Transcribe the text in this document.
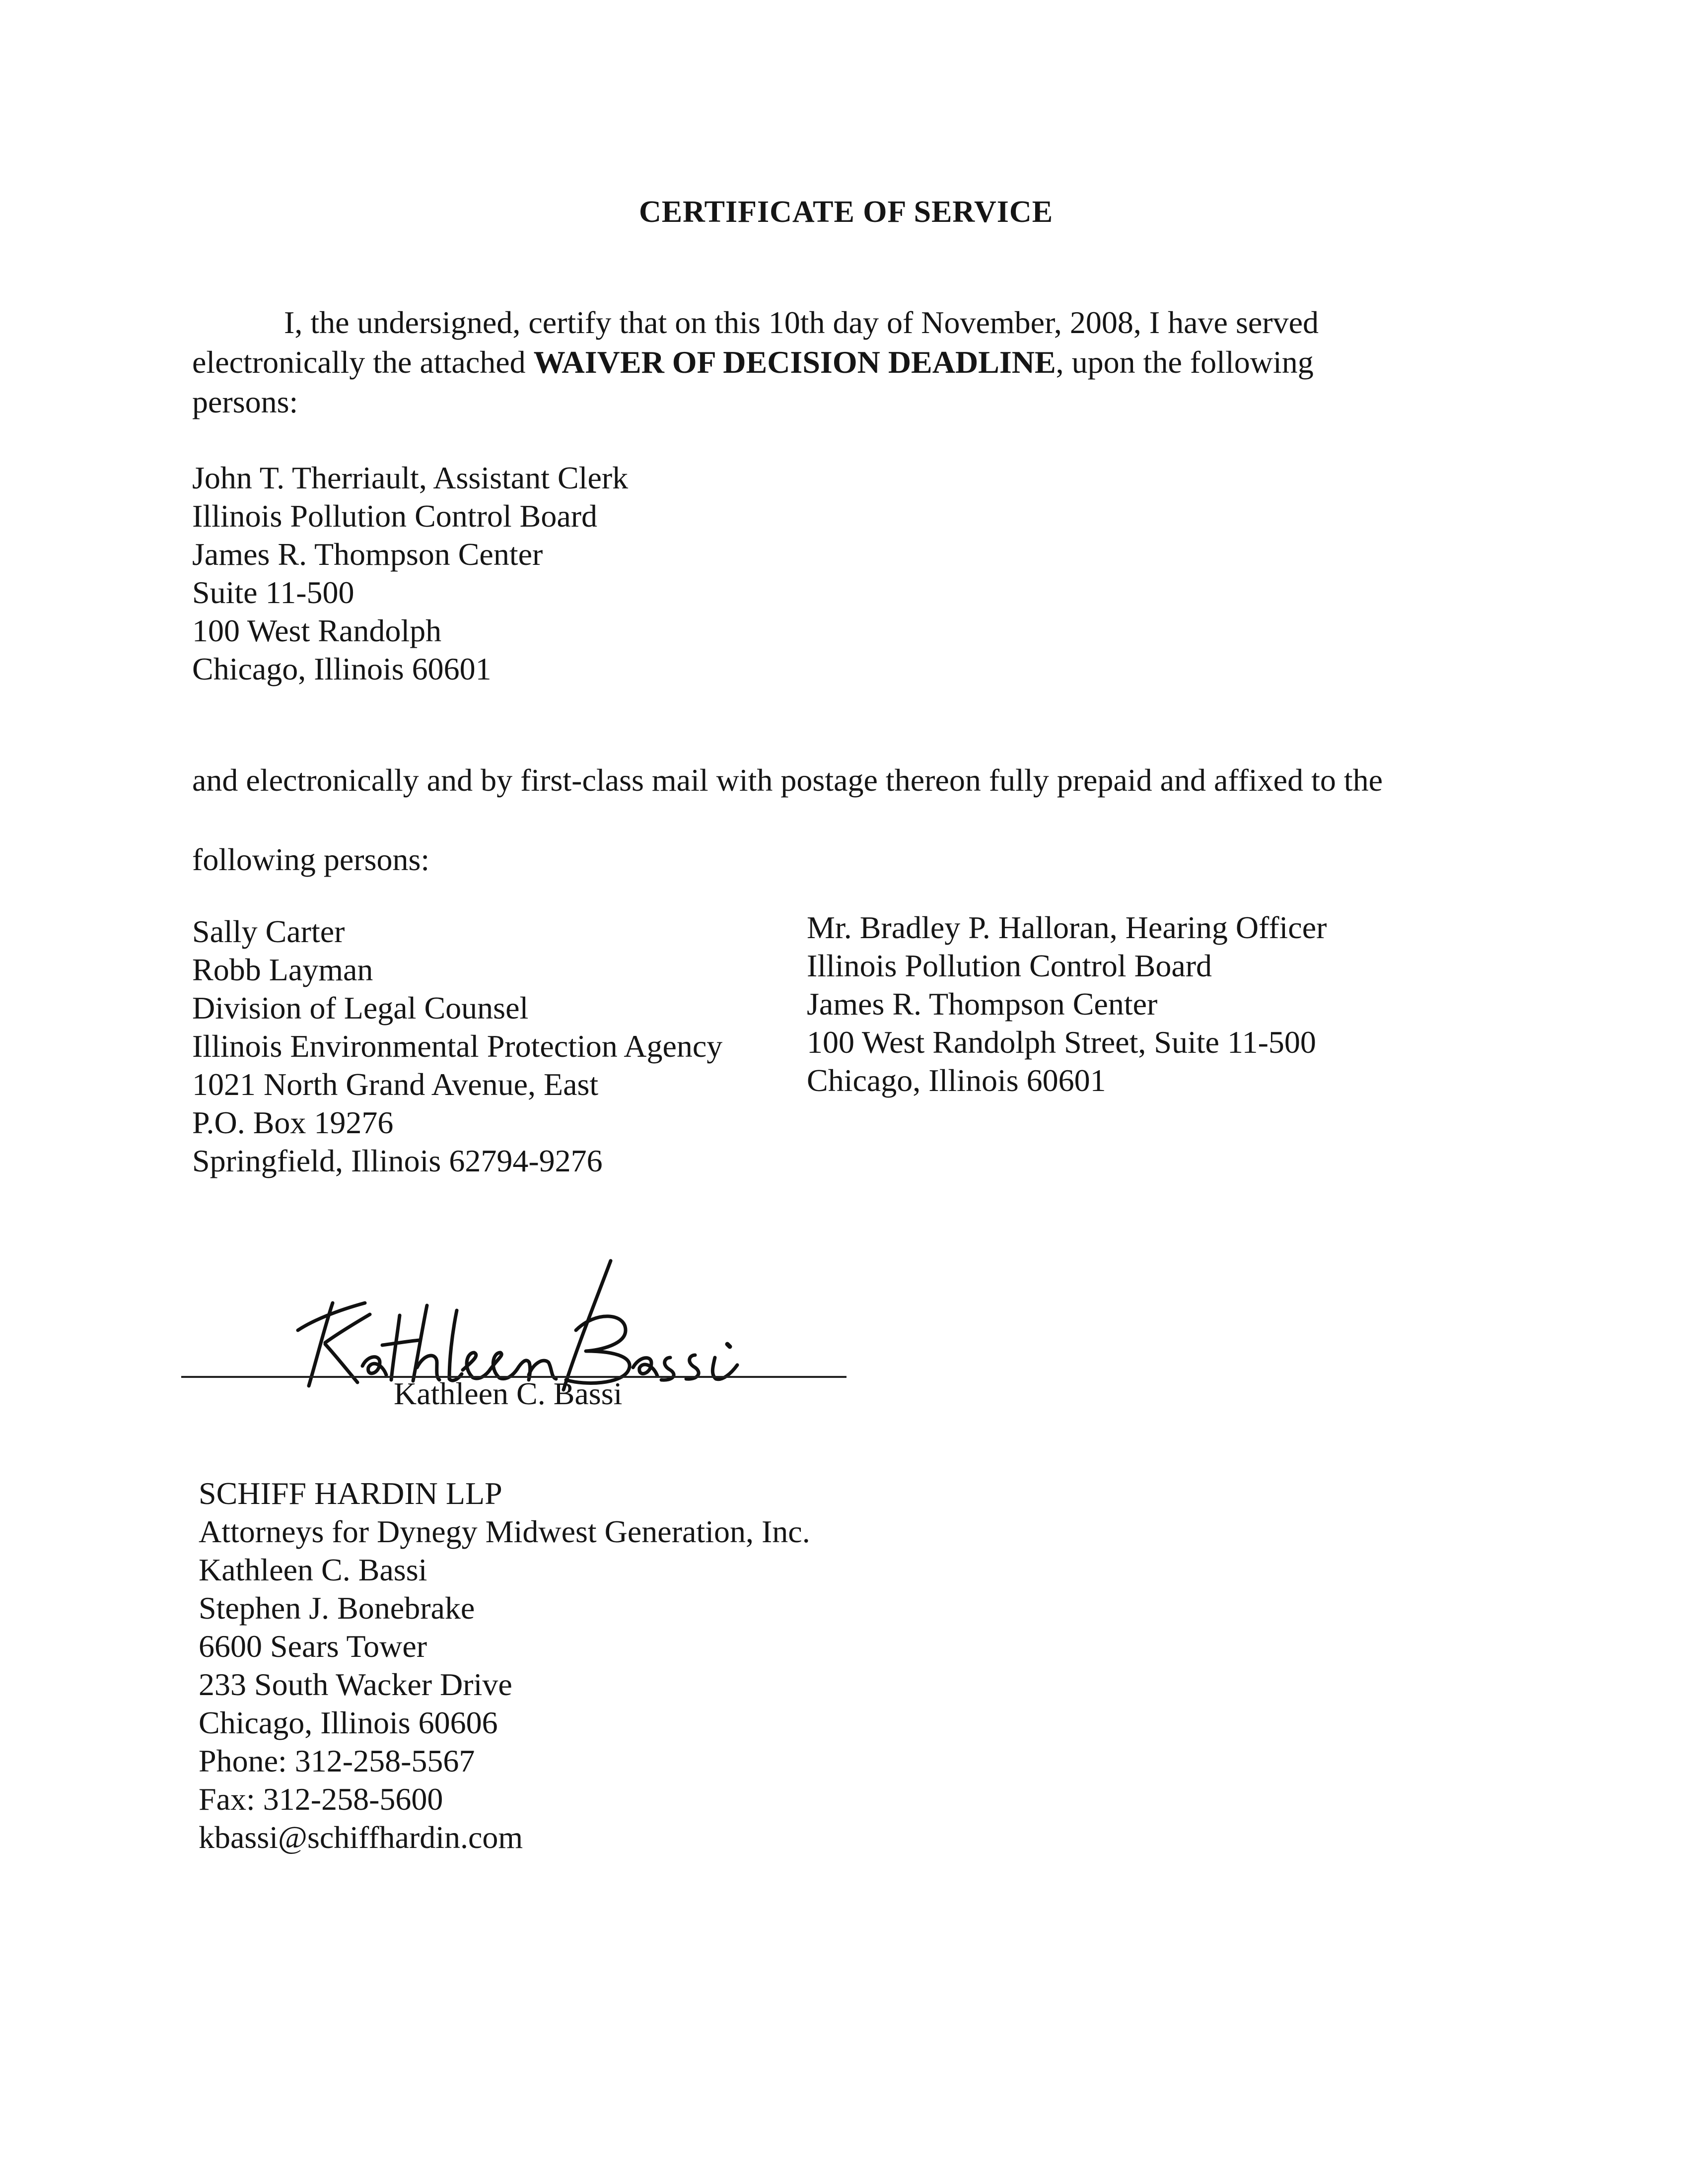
CERTIFICATE OF SERVICE
I, the undersigned, certify that on this 10th day of November, 2008, I have served
electronically the attached WAIVER OF DECISION DEADLINE, upon the following
persons:
John T. Therriault, Assistant Clerk
Illinois Pollution Control Board
James R. Thompson Center
Suite 11-500
100 West Randolph
Chicago, Illinois 60601
and electronically and by first-class mail with postage thereon fully prepaid and affixed to the
following persons:
Sally Carter
Robb Layman
Division of Legal Counsel
Illinois Environmental Protection Agency
1021 North Grand Avenue, East
P.O. Box 19276
Springfield, Illinois 62794-9276
Mr. Bradley P. Halloran, Hearing Officer
Illinois Pollution Control Board
James R. Thompson Center
100 West Randolph Street, Suite 11-500
Chicago, Illinois 60601
Kathleen C. Bassi
SCHIFF HARDIN LLP
Attorneys for Dynegy Midwest Generation, Inc.
Kathleen C. Bassi
Stephen J. Bonebrake
6600 Sears Tower
233 South Wacker Drive
Chicago, Illinois 60606
Phone: 312-258-5567
Fax: 312-258-5600
kbassi@schiffhardin.com
